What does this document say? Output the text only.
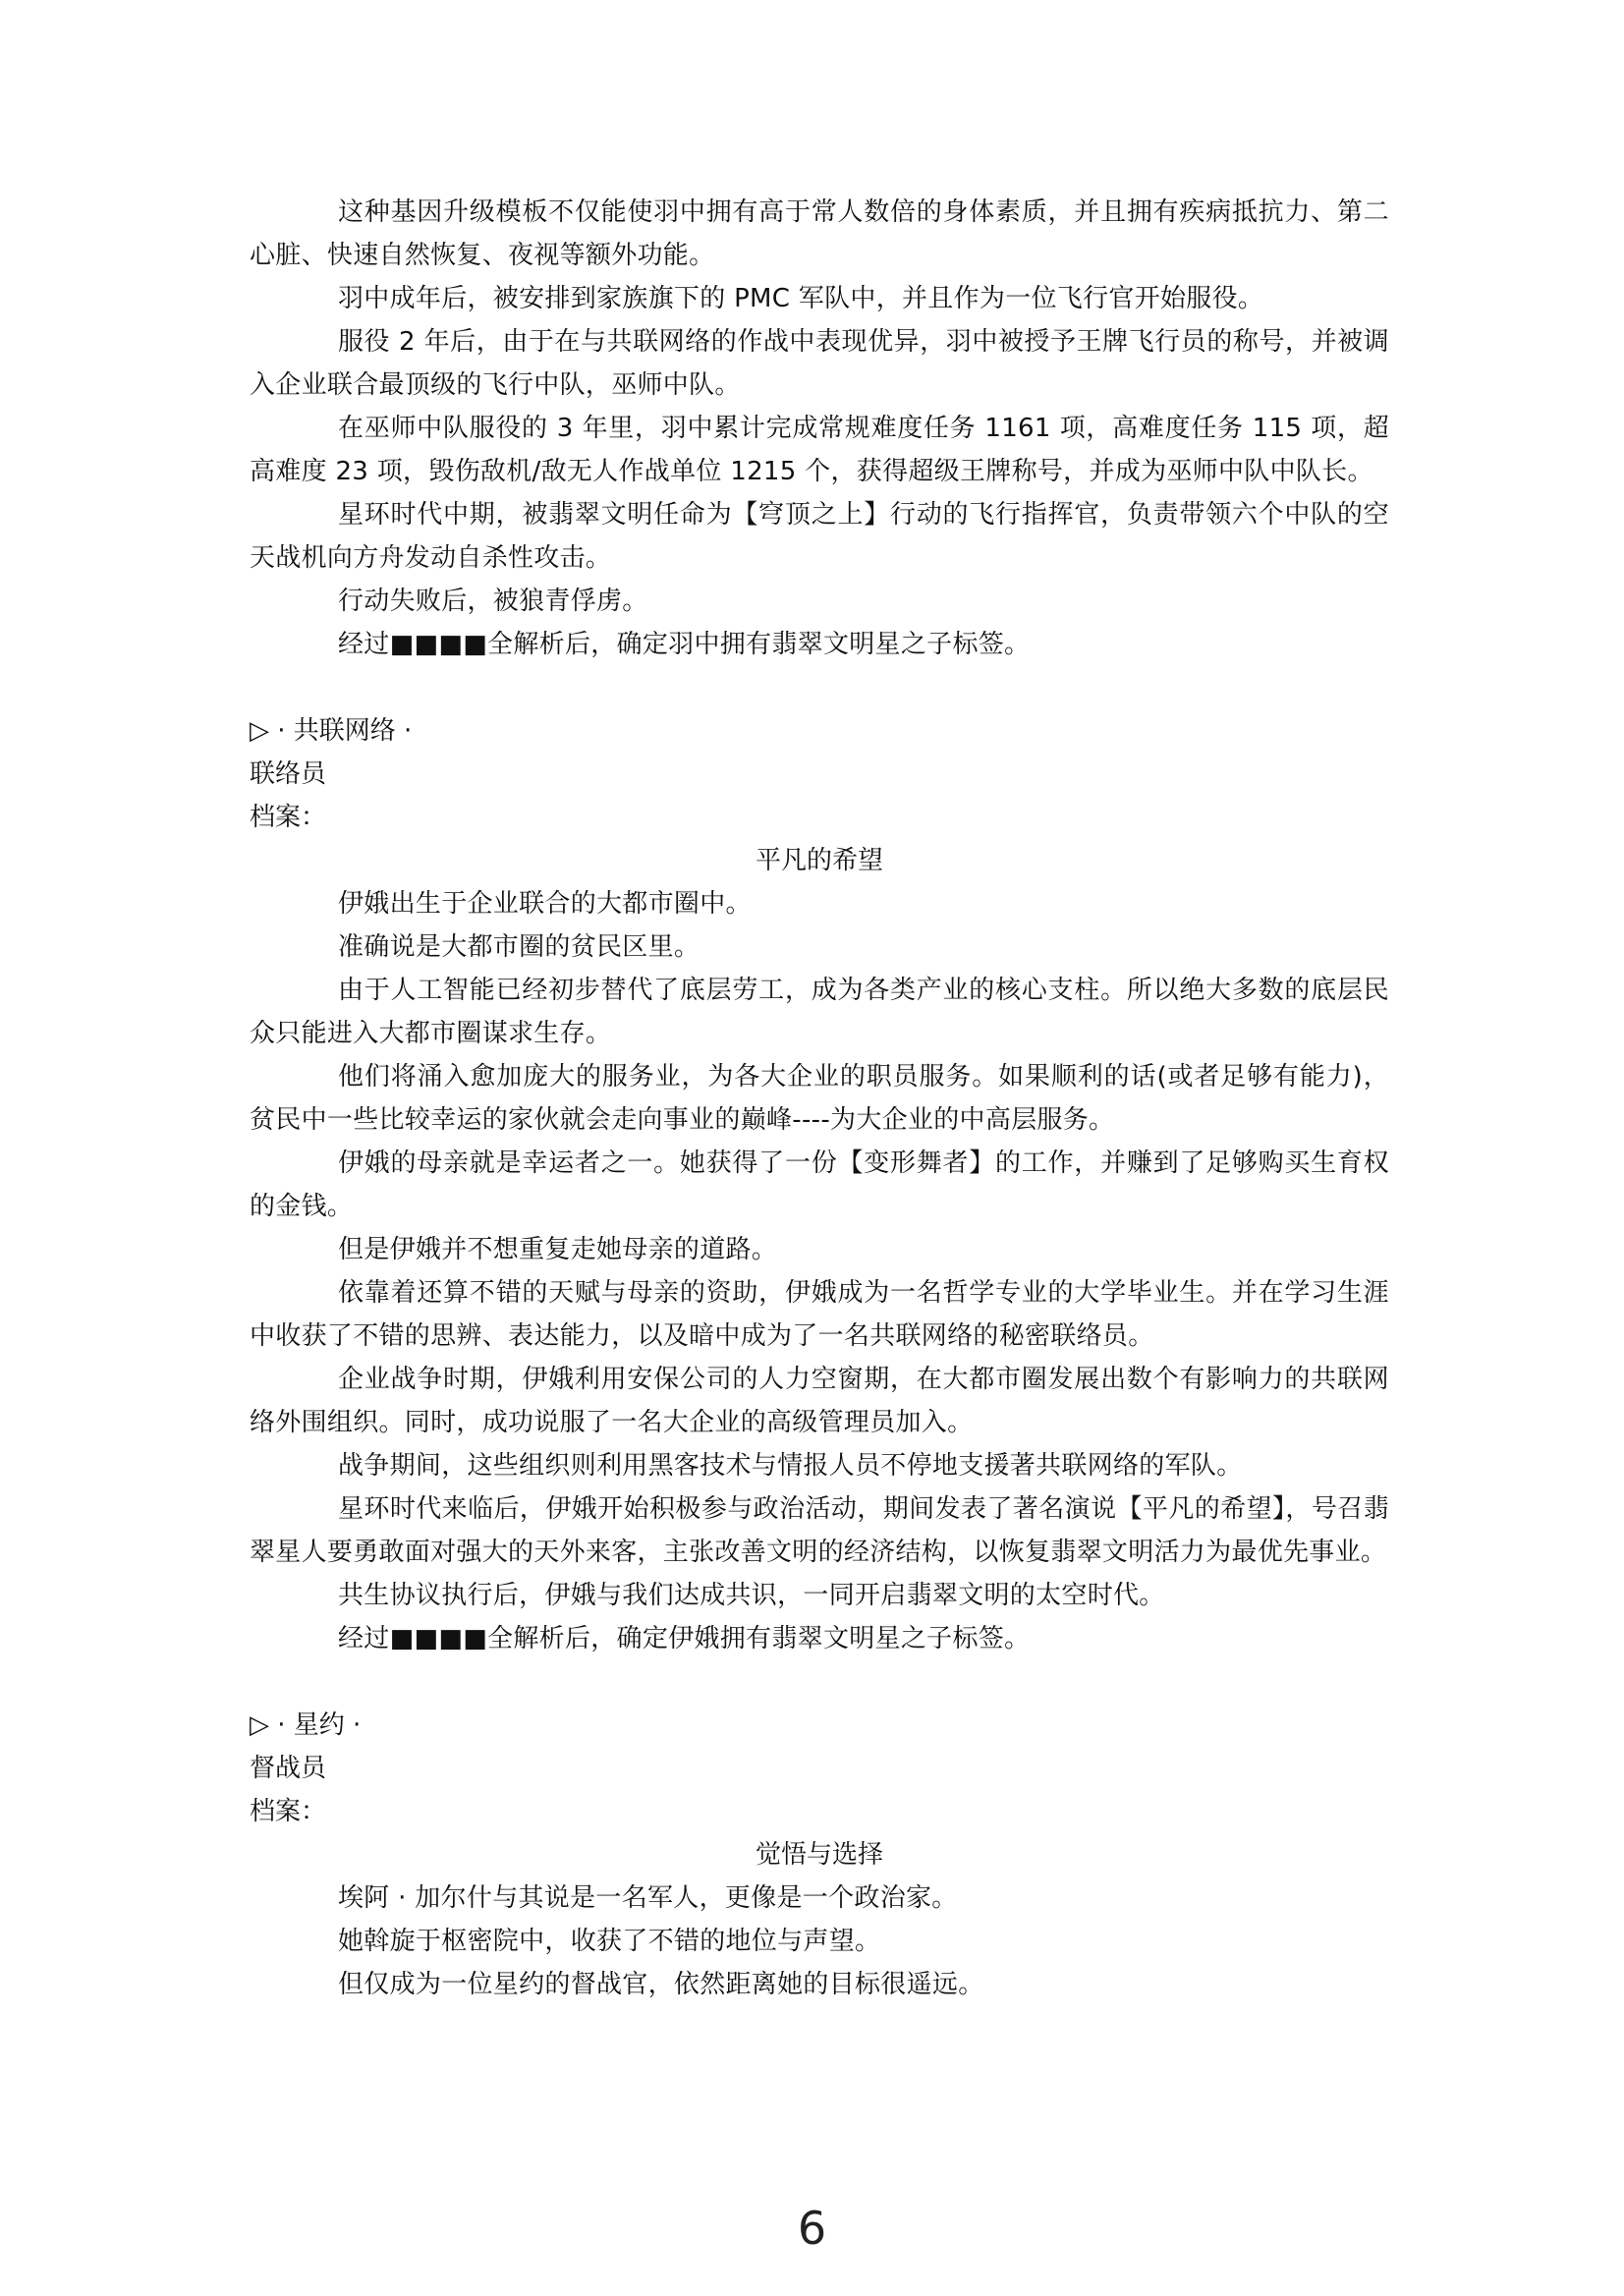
这种基因升级模板不仅能使羽中拥有高于常人数倍的身体素质，并且拥有疾病抵抗力、第二心脏、快速自然恢复、夜视等额外功能。

羽中成年后，被安排到家族旗下的 PMC 军队中，并且作为一位飞行官开始服役。

服役 2 年后，由于在与共联网络的作战中表现优异，羽中被授予王牌飞行员的称号，并被调入企业联合最顶级的飞行中队，巫师中队。

在巫师中队服役的 3 年里，羽中累计完成常规难度任务 1161 项，高难度任务 115 项，超高难度 23 项，毁伤敌机/敌无人作战单位 1215 个，获得超级王牌称号，并成为巫师中队中队长。

星环时代中期，被翡翠文明任命为【穹顶之上】行动的飞行指挥官，负责带领六个中队的空天战机向方舟发动自杀性攻击。

行动失败后，被狼青俘虏。

经过■■■■全解析后，确定羽中拥有翡翠文明星之子标签。

▷ · 共联网络 ·

联络员

档案：

平凡的希望

伊娥出生于企业联合的大都市圈中。

准确说是大都市圈的贫民区里。

由于人工智能已经初步替代了底层劳工，成为各类产业的核心支柱。所以绝大多数的底层民众只能进入大都市圈谋求生存。

他们将涌入愈加庞大的服务业，为各大企业的职员服务。如果顺利的话(或者足够有能力)，贫民中一些比较幸运的家伙就会走向事业的巅峰----为大企业的中高层服务。

伊娥的母亲就是幸运者之一。她获得了一份【变形舞者】的工作，并赚到了足够购买生育权的金钱。

但是伊娥并不想重复走她母亲的道路。

依靠着还算不错的天赋与母亲的资助，伊娥成为一名哲学专业的大学毕业生。并在学习生涯中收获了不错的思辨、表达能力，以及暗中成为了一名共联网络的秘密联络员。

企业战争时期，伊娥利用安保公司的人力空窗期，在大都市圈发展出数个有影响力的共联网络外围组织。同时，成功说服了一名大企业的高级管理员加入。

战争期间，这些组织则利用黑客技术与情报人员不停地支援著共联网络的军队。

星环时代来临后，伊娥开始积极参与政治活动，期间发表了著名演说【平凡的希望】，号召翡翠星人要勇敢面对强大的天外来客，主张改善文明的经济结构，以恢复翡翠文明活力为最优先事业。

共生协议执行后，伊娥与我们达成共识，一同开启翡翠文明的太空时代。

经过■■■■全解析后，确定伊娥拥有翡翠文明星之子标签。

▷ · 星约 ·

督战员

档案：

觉悟与选择

埃阿 · 加尔什与其说是一名军人，更像是一个政治家。

她斡旋于枢密院中，收获了不错的地位与声望。

但仅成为一位星约的督战官，依然距离她的目标很遥远。

6
